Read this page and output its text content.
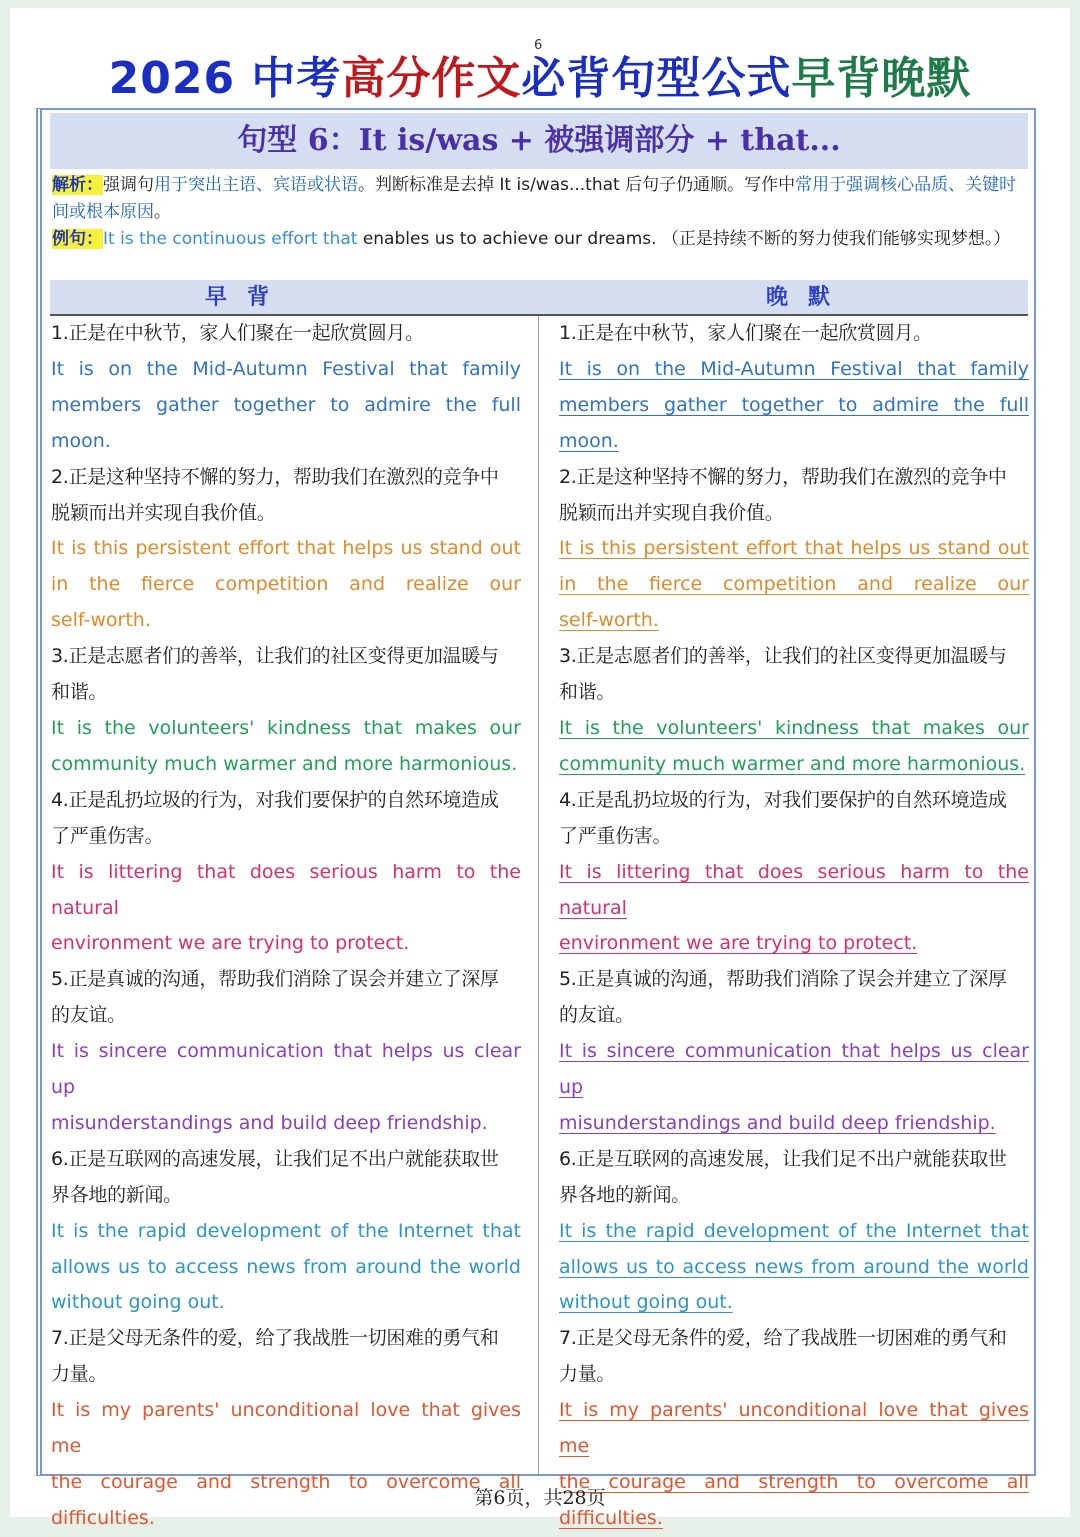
6
2026 中考高分作文必背句型公式早背晚默
句型 6：It is/was + 被强调部分 + that...
解析：强调句用于突出主语、宾语或状语。判断标准是去掉 It is/was...that 后句子仍通顺。写作中常用于强调核心品质、关键时间或根本原因。
例句：It is the continuous effort that enables us to achieve our dreams. （正是持续不断的努力使我们能够实现梦想。）
早背	晚默
1.正是在中秋节，家人们聚在一起欣赏圆月。
It is on the Mid-Autumn Festival that family
members gather together to admire the full
moon.
2.正是这种坚持不懈的努力，帮助我们在激烈的竞争中
脱颖而出并实现自我价值。
It is this persistent effort that helps us stand out
in the fierce competition and realize our
self-worth.
3.正是志愿者们的善举，让我们的社区变得更加温暖与
和谐。
It is the volunteers' kindness that makes our
community much warmer and more harmonious.
4.正是乱扔垃圾的行为，对我们要保护的自然环境造成
了严重伤害。
It is littering that does serious harm to the natural
environment we are trying to protect.
5.正是真诚的沟通，帮助我们消除了误会并建立了深厚
的友谊。
It is sincere communication that helps us clear up
misunderstandings and build deep friendship.
6.正是互联网的高速发展，让我们足不出户就能获取世
界各地的新闻。
It is the rapid development of the Internet that
allows us to access news from around the world
without going out.
7.正是父母无条件的爱，给了我战胜一切困难的勇气和
力量。
It is my parents' unconditional love that gives me
the courage and strength to overcome all
difficulties.
1.正是在中秋节，家人们聚在一起欣赏圆月。
It is on the Mid-Autumn Festival that family
members gather together to admire the full
moon.
2.正是这种坚持不懈的努力，帮助我们在激烈的竞争中
脱颖而出并实现自我价值。
It is this persistent effort that helps us stand out
in the fierce competition and realize our
self-worth.
3.正是志愿者们的善举，让我们的社区变得更加温暖与
和谐。
It is the volunteers' kindness that makes our
community much warmer and more harmonious.
4.正是乱扔垃圾的行为，对我们要保护的自然环境造成
了严重伤害。
It is littering that does serious harm to the natural
environment we are trying to protect.
5.正是真诚的沟通，帮助我们消除了误会并建立了深厚
的友谊。
It is sincere communication that helps us clear up
misunderstandings and build deep friendship.
6.正是互联网的高速发展，让我们足不出户就能获取世
界各地的新闻。
It is the rapid development of the Internet that
allows us to access news from around the world
without going out.
7.正是父母无条件的爱，给了我战胜一切困难的勇气和
力量。
It is my parents' unconditional love that gives me
the courage and strength to overcome all
difficulties.
第6页，共28页
